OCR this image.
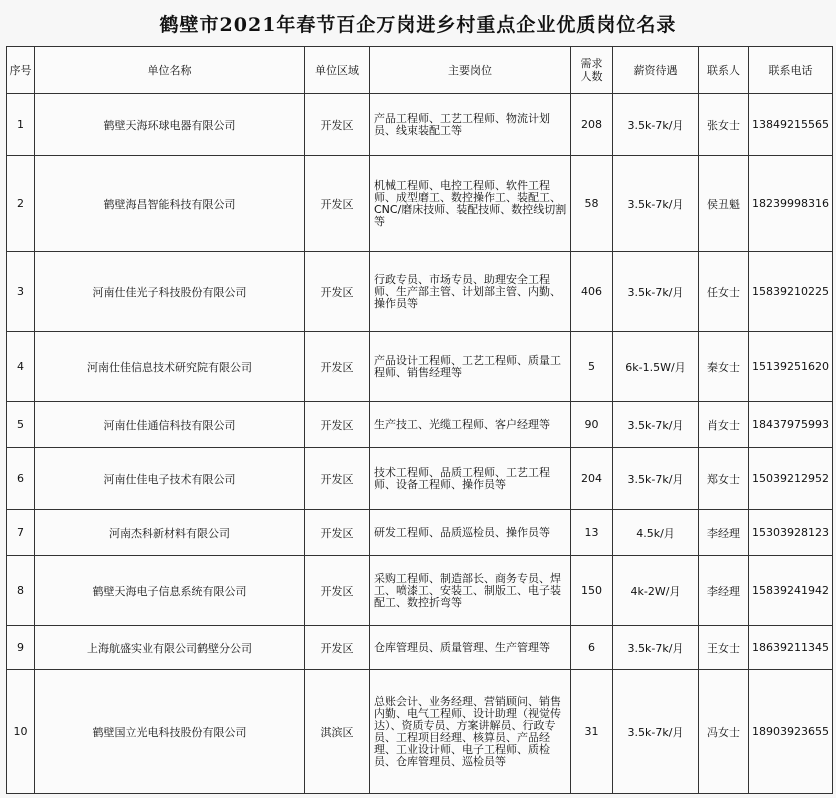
鹤壁市2021年春节百企万岗进乡村重点企业优质岗位名录
序号	单位名称	单位区域	主要岗位	需求人数	薪资待遇	联系人	联系电话
1	鹤壁天海环球电器有限公司	开发区	产品工程师、工艺工程师、物流计划员、线束装配工等	208	3.5k-7k/月	张女士	13849215565
2	鹤壁海昌智能科技有限公司	开发区	机械工程师、电控工程师、软件工程师、成型磨工、数控操作工、装配工、CNC/磨床技师、装配技师、数控线切割等	58	3.5k-7k/月	侯丑魁	18239998316
3	河南仕佳光子科技股份有限公司	开发区	行政专员、市场专员、助理安全工程师、生产部主管、计划部主管、内勤、操作员等	406	3.5k-7k/月	任女士	15839210225
4	河南仕佳信息技术研究院有限公司	开发区	产品设计工程师、工艺工程师、质量工程师、销售经理等	5	6k-1.5W/月	秦女士	15139251620
5	河南仕佳通信科技有限公司	开发区	生产技工、光缆工程师、客户经理等	90	3.5k-7k/月	肖女士	18437975993
6	河南仕佳电子技术有限公司	开发区	技术工程师、品质工程师、工艺工程师、设备工程师、操作员等	204	3.5k-7k/月	郑女士	15039212952
7	河南杰科新材料有限公司	开发区	研发工程师、品质巡检员、操作员等	13	4.5k/月	李经理	15303928123
8	鹤壁天海电子信息系统有限公司	开发区	采购工程师、制造部长、商务专员、焊工、喷漆工、安装工、制版工、电子装配工、数控折弯等	150	4k-2W/月	李经理	15839241942
9	上海航盛实业有限公司鹤壁分公司	开发区	仓库管理员、质量管理、生产管理等	6	3.5k-7k/月	王女士	18639211345
10	鹤壁国立光电科技股份有限公司	淇滨区	总账会计、业务经理、营销顾问、销售内勤、电气工程师、设计助理（视觉传达）、资质专员、方案讲解员、行政专员、工程项目经理、核算员、产品经理、工业设计师、电子工程师、质检员、仓库管理员、巡检员等	31	3.5k-7k/月	冯女士	18903923655
